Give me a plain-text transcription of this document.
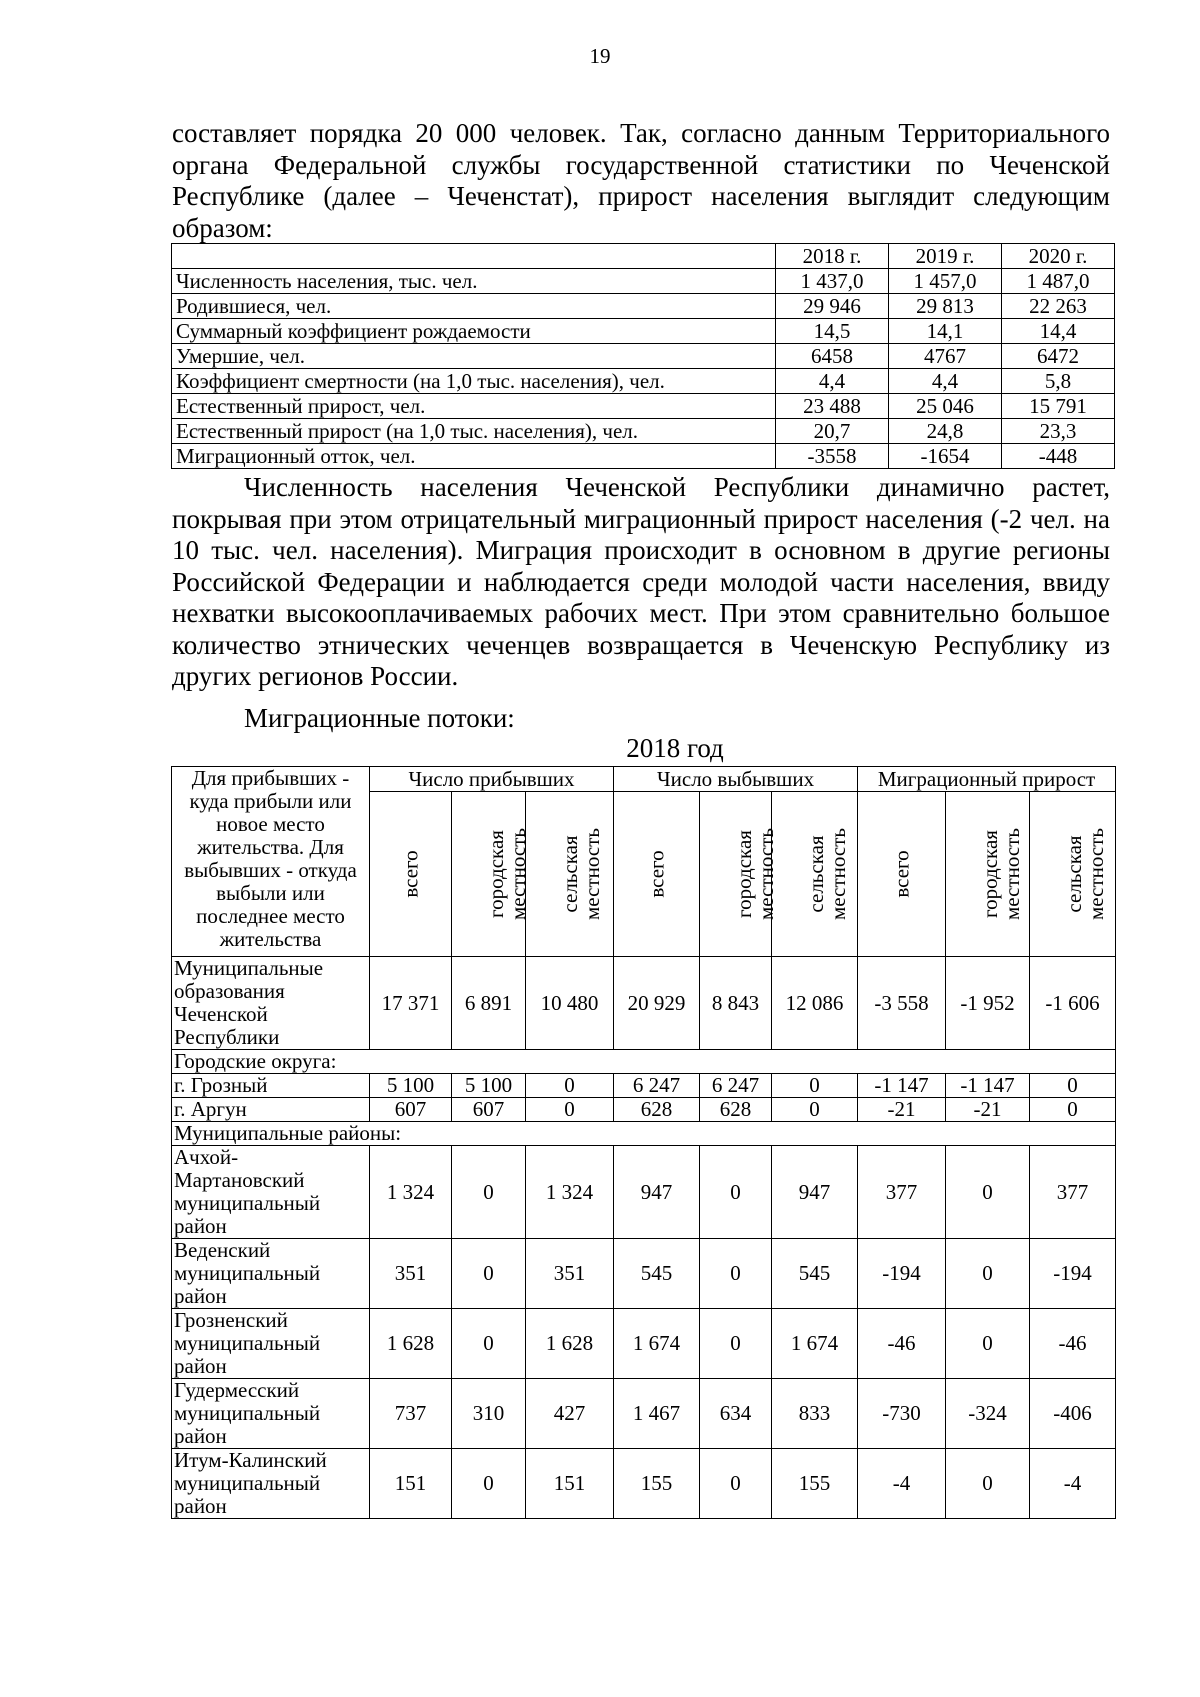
19

составляет порядка 20 000 человек. Так, согласно данным Территориального органа Федеральной службы государственной статистики по Чеченской Республике (далее – Чеченстат), прирост населения выглядит следующим образом:

	2018 г.	2019 г.	2020 г.
Численность населения, тыс. чел.	1 437,0	1 457,0	1 487,0
Родившиеся, чел.	29 946	29 813	22 263
Суммарный коэффициент рождаемости	14,5	14,1	14,4
Умершие, чел.	6458	4767	6472
Коэффициент смертности (на 1,0 тыс. населения), чел.	4,4	4,4	5,8
Естественный прирост, чел.	23 488	25 046	15 791
Естественный прирост (на 1,0 тыс. населения), чел.	20,7	24,8	23,3
Миграционный отток, чел.	-3558	-1654	-448

Численность населения Чеченской Республики динамично растет, покрывая при этом отрицательный миграционный прирост населения (-2 чел. на 10 тыс. чел. населения). Миграция происходит в основном в другие регионы Российской Федерации и наблюдается среди молодой части населения, ввиду нехватки высокооплачиваемых рабочих мест. При этом сравнительно большое количество этнических чеченцев возвращается в Чеченскую Республику из других регионов России.

Миграционные потоки:

2018 год
Для прибывших - куда прибыли или новое место жительства. Для выбывших - откуда выбыли или последнее место жительства	Число прибывших			Число выбывших			Миграционный прирост		
	всего	городская местность	сельская местность	всего	городская местность	сельская местность	всего	городская местность	сельская местность
Муниципальные образования Чеченской Республики	17 371	6 891	10 480	20 929	8 843	12 086	-3 558	-1 952	-1 606
Городские округа:									
г. Грозный	5 100	5 100	0	6 247	6 247	0	-1 147	-1 147	0
г. Аргун	607	607	0	628	628	0	-21	-21	0
Муниципальные районы:									
Ачхой-Мартановский муниципальный район	1 324	0	1 324	947	0	947	377	0	377
Веденский муниципальный район	351	0	351	545	0	545	-194	0	-194
Грозненский муниципальный район	1 628	0	1 628	1 674	0	1 674	-46	0	-46
Гудермесский муниципальный район	737	310	427	1 467	634	833	-730	-324	-406
Итум-Калинский муниципальный район	151	0	151	155	0	155	-4	0	-4
